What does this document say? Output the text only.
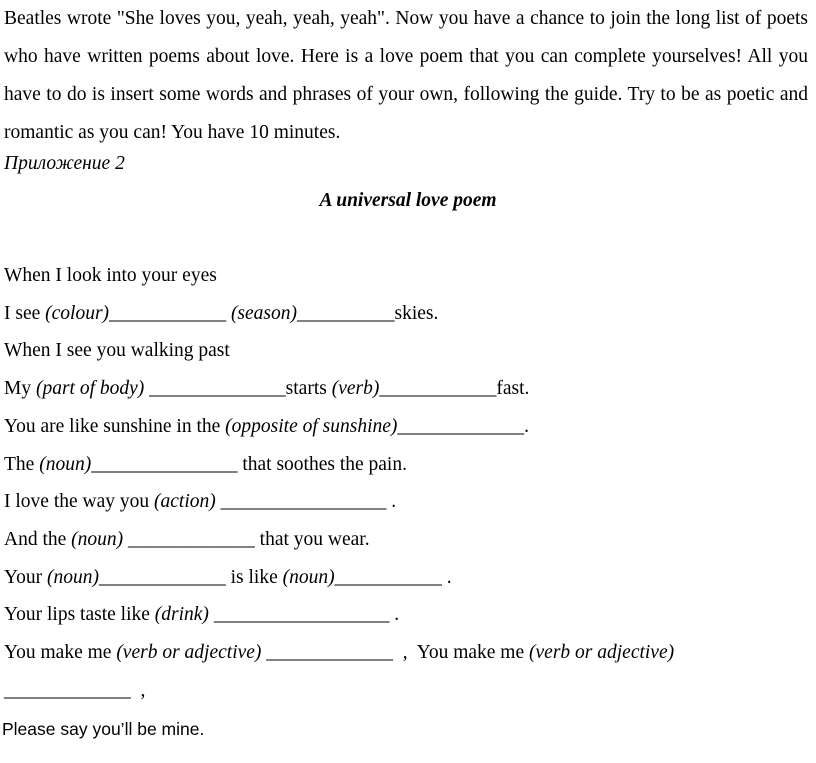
Beatles wrote "She loves you, yeah, yeah, yeah". Now you have a chance to join the long list of poets who have written poems about love. Here is a love poem that you can complete yourselves! All you have to do is insert some words and phrases of your own, following the guide. Try to be as poetic and romantic as you can! You have 10 minutes.

Приложение 2

A universal love poem

When I look into your eyes

I see (colour)____________ (season)__________skies.

When I see you walking past

My (part of body) ______________starts (verb)____________fast.

You are like sunshine in the (opposite of sunshine)_____________.

The (noun)_______________ that soothes the pain.

I love the way you (action) _________________ .

And the (noun) _____________ that you wear.

Your (noun)_____________ is like (noun)___________ .

Your lips taste like (drink) __________________ .

You make me (verb or adjective) _____________  ,  You make me (verb or adjective)

_____________  ,

Please say you’ll be mine.
